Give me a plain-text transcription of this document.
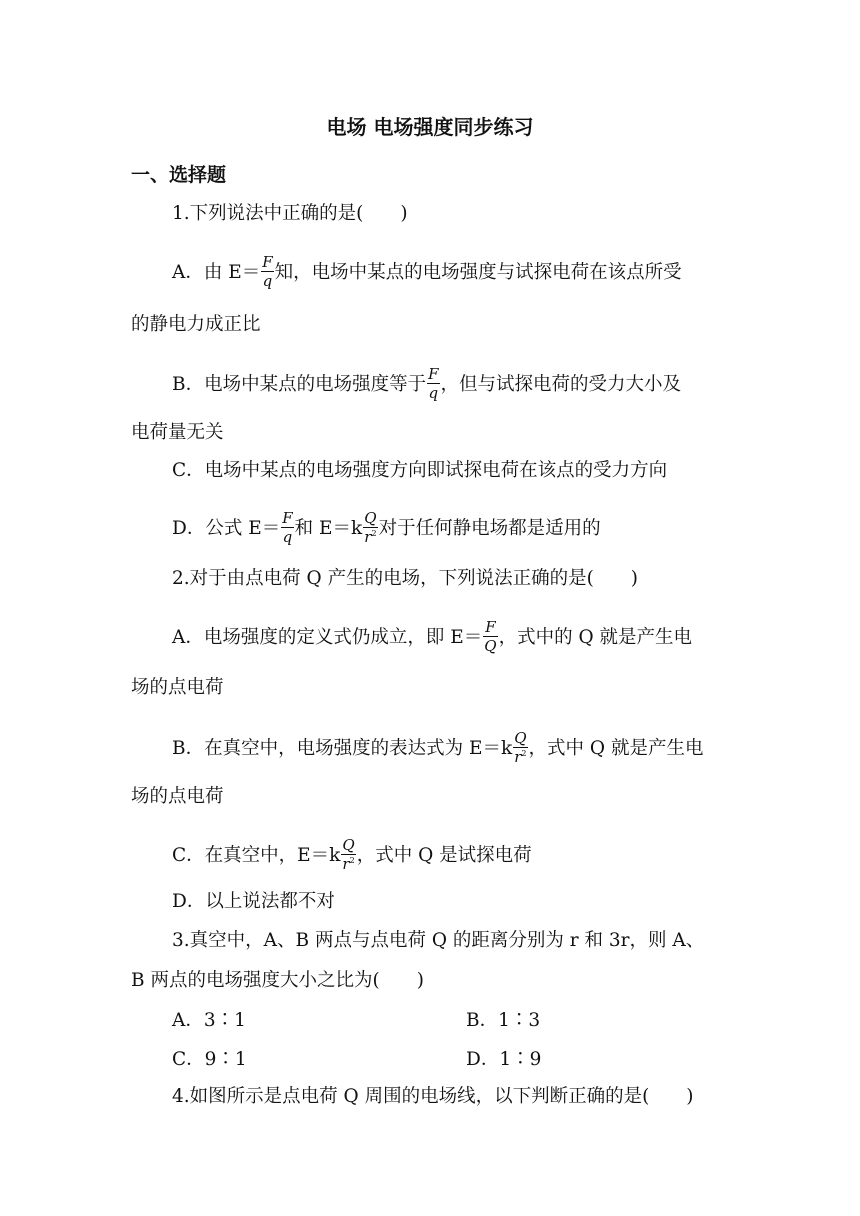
电场 电场强度同步练习
一、选择题
1.下列说法中正确的是(　　)
A．由 $E= \frac{F}{q}$ 知，电场中某点的电场强度与试探电荷在该点所受
的静电力成正比
B．电场中某点的电场强度等于 $\frac{F}{q}$ ，但与试探电荷的受力大小及
电荷量无关
C．电场中某点的电场强度方向即试探电荷在该点的受力方向
D．公式 $E= \frac{F}{q}$ 和 $E=k \frac{Q}{r^2}$ 对于任何静电场都是适用的
2.对于由点电荷 Q 产生的电场，下列说法正确的是(　　)
A．电场强度的定义式仍成立，即 $E= \frac{F}{Q}$ ，式中的 Q 就是产生电
场的点电荷
B．在真空中，电场强度的表达式为 $E=k \frac{Q}{r^2}$ ，式中 Q 就是产生电
场的点电荷
C．在真空中，$E=k \frac{Q}{r^2}$ ，式中 Q 是试探电荷
D．以上说法都不对
3.真空中，A、B 两点与点电荷 Q 的距离分别为 r 和 3r，则 A、
B 两点的电场强度大小之比为(　　)
A．3∶1	B．1∶3
C．9∶1	D．1∶9
4.如图所示是点电荷 Q 周围的电场线，以下判断正确的是(　　)
